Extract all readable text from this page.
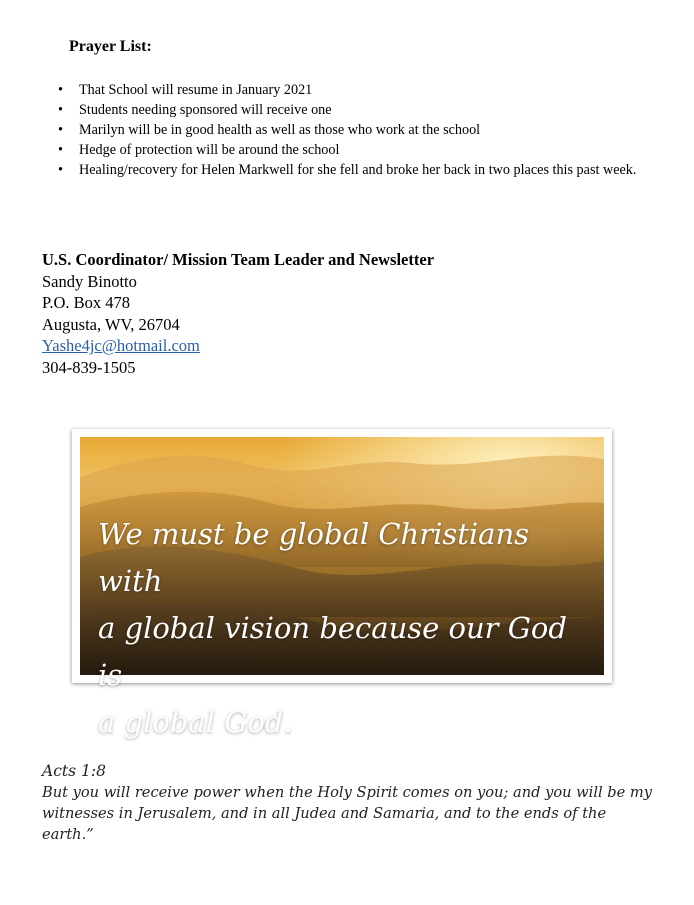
Prayer List:
• That School will resume in January 2021
• Students needing sponsored will receive one
• Marilyn will be in good health as well as those who work at the school
• Hedge of protection will be around the school
• Healing/recovery for Helen Markwell for she fell and broke her back in two places this past week.
U.S. Coordinator/ Mission Team Leader and Newsletter
Sandy Binotto
P.O. Box 478
Augusta, WV, 26704
Yashe4jc@hotmail.com
304-839-1505

We must be global Christians with
a global vision because our God is
a global God.

Acts 1:8
But you will receive power when the Holy Spirit comes on you; and you will be my witnesses in Jerusalem, and in all Judea and Samaria, and to the ends of the earth.”
